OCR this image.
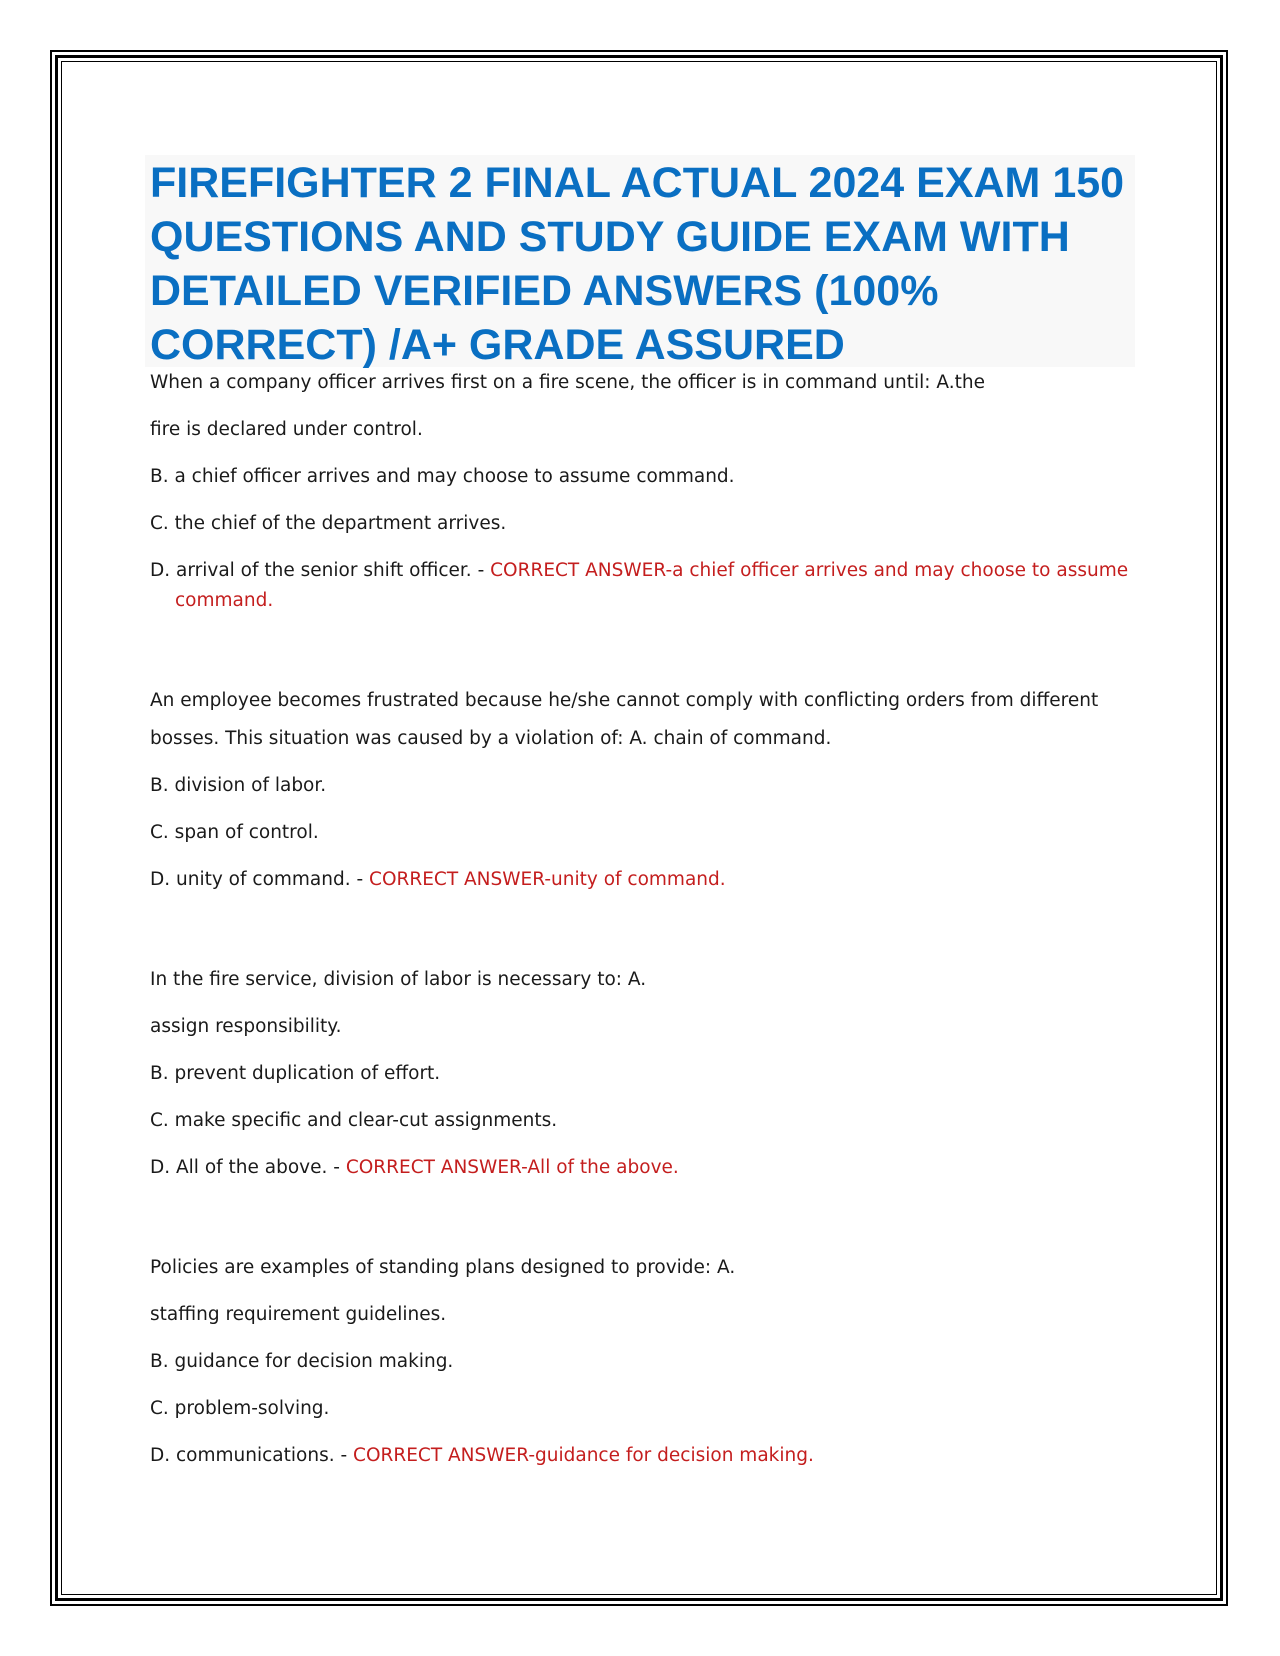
FIREFIGHTER 2 FINAL ACTUAL 2024 EXAM 150 QUESTIONS AND STUDY GUIDE EXAM WITH DETAILED VERIFIED ANSWERS (100% CORRECT) /A+ GRADE ASSURED

When a company officer arrives first on a fire scene, the officer is in command until: A.the

fire is declared under control.

B. a chief officer arrives and may choose to assume command.

C. the chief of the department arrives.

D. arrival of the senior shift officer. - CORRECT ANSWER-a chief officer arrives and may choose to assume command.

An employee becomes frustrated because he/she cannot comply with conflicting orders from different

bosses. This situation was caused by a violation of: A. chain of command.

B. division of labor.

C. span of control.

D. unity of command. - CORRECT ANSWER-unity of command.

In the fire service, division of labor is necessary to: A.

assign responsibility.

B. prevent duplication of effort.

C. make specific and clear-cut assignments.

D. All of the above. - CORRECT ANSWER-All of the above.

Policies are examples of standing plans designed to provide: A.

staffing requirement guidelines.

B. guidance for decision making.

C. problem-solving.

D. communications. - CORRECT ANSWER-guidance for decision making.
